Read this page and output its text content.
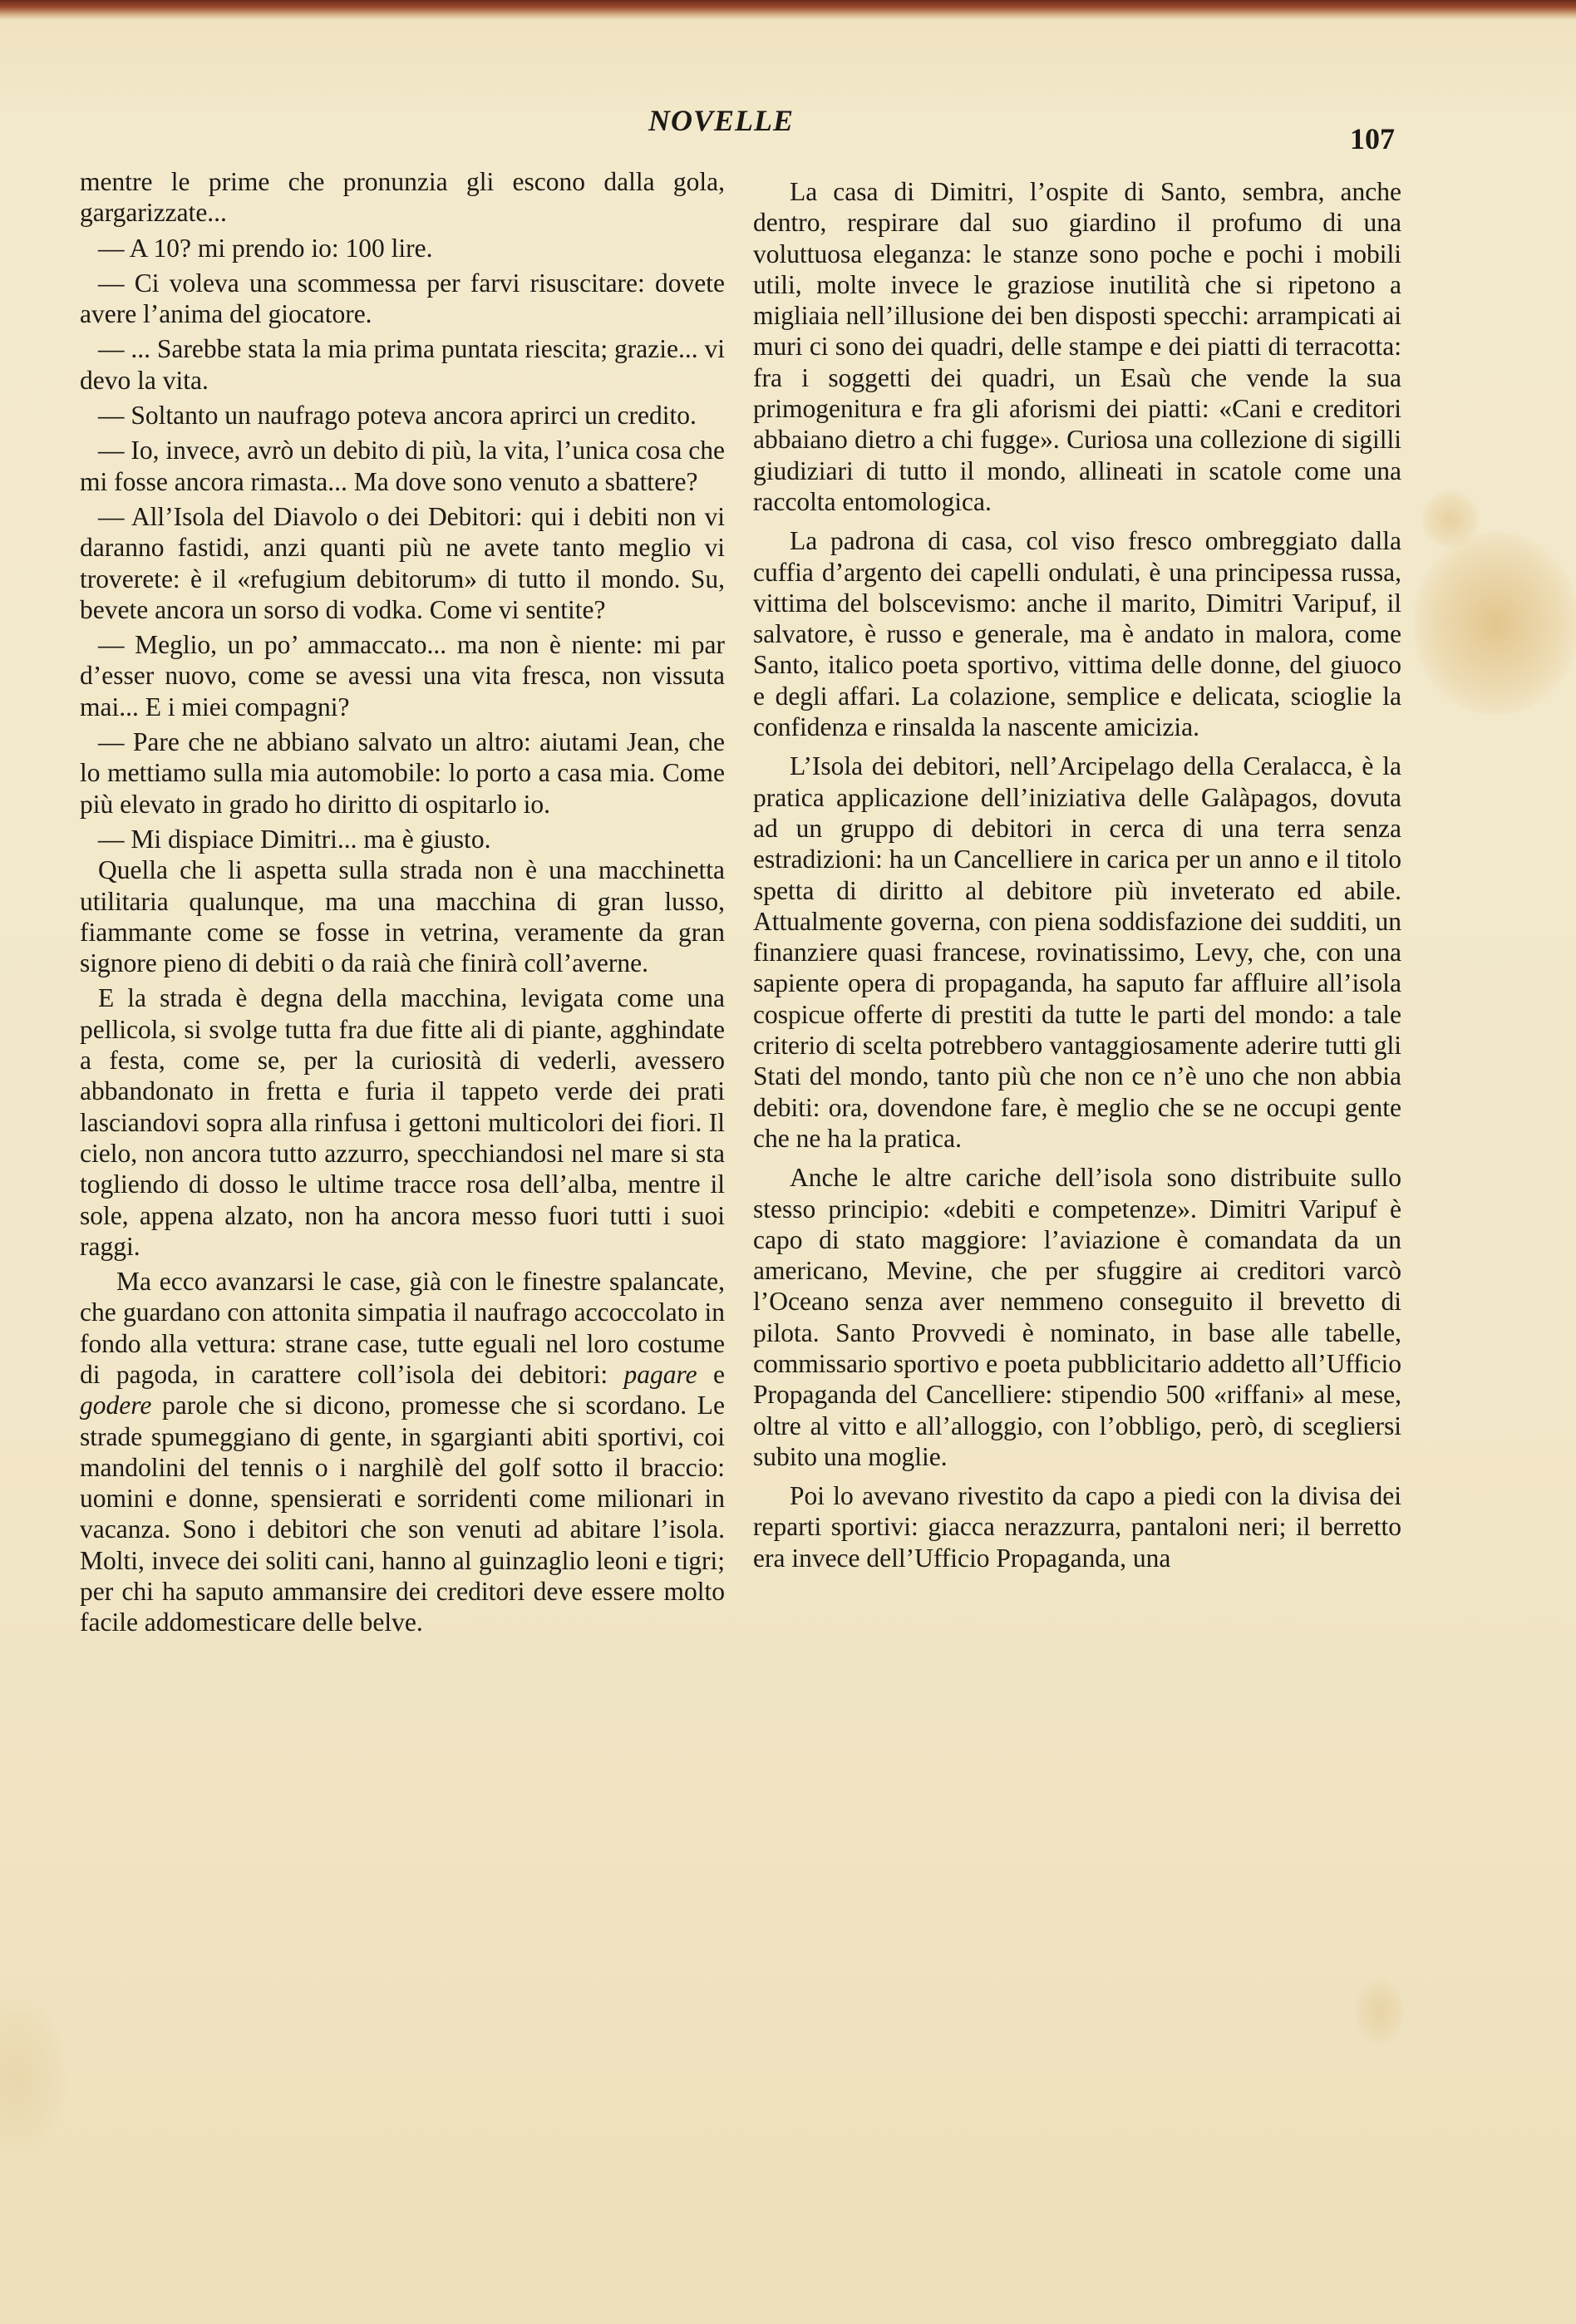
NOVELLE
107

mentre le prime che pronunzia gli escono dalla gola, gargarizzate...

— A 10? mi prendo io: 100 lire.

— Ci voleva una scommessa per farvi risuscitare: dovete avere l’anima del giocatore.

— ... Sarebbe stata la mia prima puntata riescita; grazie... vi devo la vita.

— Soltanto un naufrago poteva ancora aprirci un credito.

— Io, invece, avrò un debito di più, la vita, l’unica cosa che mi fosse ancora rimasta... Ma dove sono venuto a sbattere?

— All’Isola del Diavolo o dei Debitori: qui i debiti non vi daranno fastidi, anzi quanti più ne avete tanto meglio vi troverete: è il «refugium debitorum» di tutto il mondo. Su, bevete ancora un sorso di vodka. Come vi sentite?

— Meglio, un po’ ammaccato... ma non è niente: mi par d’esser nuovo, come se avessi una vita fresca, non vissuta mai... E i miei compagni?

— Pare che ne abbiano salvato un altro: aiutami Jean, che lo mettiamo sulla mia automobile: lo porto a casa mia. Come più elevato in grado ho diritto di ospitarlo io.

— Mi dispiace Dimitri... ma è giusto.

Quella che li aspetta sulla strada non è una macchinetta utilitaria qualunque, ma una macchina di gran lusso, fiammante come se fosse in vetrina, veramente da gran signore pieno di debiti o da raià che finirà coll’averne.

E la strada è degna della macchina, levigata come una pellicola, si svolge tutta fra due fitte ali di piante, agghindate a festa, come se, per la curiosità di vederli, avessero abbandonato in fretta e furia il tappeto verde dei prati lasciandovi sopra alla rinfusa i gettoni multicolori dei fiori. Il cielo, non ancora tutto azzurro, specchiandosi nel mare si sta togliendo di dosso le ultime tracce rosa dell’alba, mentre il sole, appena alzato, non ha ancora messo fuori tutti i suoi raggi.

Ma ecco avanzarsi le case, già con le finestre spalancate, che guardano con attonita simpatia il naufrago accoccolato in fondo alla vettura: strane case, tutte eguali nel loro costume di pagoda, in carattere coll’isola dei debitori: pagare e godere parole che si dicono, promesse che si scordano. Le strade spumeggiano di gente, in sgargianti abiti sportivi, coi mandolini del tennis o i narghilè del golf sotto il braccio: uomini e donne, spensierati e sorridenti come milionari in vacanza. Sono i debitori che son venuti ad abitare l’isola. Molti, invece dei soliti cani, hanno al guinzaglio leoni e tigri; per chi ha saputo ammansire dei creditori deve essere molto facile addomesticare delle belve.

La casa di Dimitri, l’ospite di Santo, sembra, anche dentro, respirare dal suo giardino il profumo di una voluttuosa eleganza: le stanze sono poche e pochi i mobili utili, molte invece le graziose inutilità che si ripetono a migliaia nell’illusione dei ben disposti specchi: arrampicati ai muri ci sono dei quadri, delle stampe e dei piatti di terracotta: fra i soggetti dei quadri, un Esaù che vende la sua primogenitura e fra gli aforismi dei piatti: «Cani e creditori abbaiano dietro a chi fugge». Curiosa una collezione di sigilli giudiziari di tutto il mondo, allineati in scatole come una raccolta entomologica.

La padrona di casa, col viso fresco ombreggiato dalla cuffia d’argento dei capelli ondulati, è una principessa russa, vittima del bolscevismo: anche il marito, Dimitri Varipuf, il salvatore, è russo e generale, ma è andato in malora, come Santo, italico poeta sportivo, vittima delle donne, del giuoco e degli affari. La colazione, semplice e delicata, scioglie la confidenza e rinsalda la nascente amicizia.

L’Isola dei debitori, nell’Arcipelago della Ceralacca, è la pratica applicazione dell’iniziativa delle Galàpagos, dovuta ad un gruppo di debitori in cerca di una terra senza estradizioni: ha un Cancelliere in carica per un anno e il titolo spetta di diritto al debitore più inveterato ed abile. Attualmente governa, con piena soddisfazione dei sudditi, un finanziere quasi francese, rovinatissimo, Levy, che, con una sapiente opera di propaganda, ha saputo far affluire all’isola cospicue offerte di prestiti da tutte le parti del mondo: a tale criterio di scelta potrebbero vantaggiosamente aderire tutti gli Stati del mondo, tanto più che non ce n’è uno che non abbia debiti: ora, dovendone fare, è meglio che se ne occupi gente che ne ha la pratica.

Anche le altre cariche dell’isola sono distribuite sullo stesso principio: «debiti e competenze». Dimitri Varipuf è capo di stato maggiore: l’aviazione è comandata da un americano, Mevine, che per sfuggire ai creditori varcò l’Oceano senza aver nemmeno conseguito il brevetto di pilota. Santo Provvedi è nominato, in base alle tabelle, commissario sportivo e poeta pubblicitario addetto all’Ufficio Propaganda del Cancelliere: stipendio 500 «riffani» al mese, oltre al vitto e all’alloggio, con l’obbligo, però, di scegliersi subito una moglie.

Poi lo avevano rivestito da capo a piedi con la divisa dei reparti sportivi: giacca nerazzurra, pantaloni neri; il berretto era invece dell’Ufficio Propaganda, una
